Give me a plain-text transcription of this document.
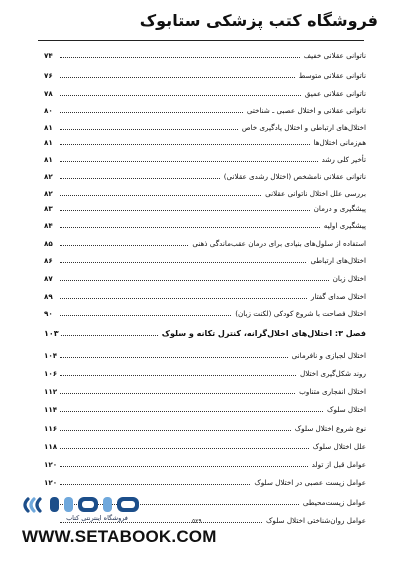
فروشگاه کتب پزشکی ستابوک
ناتوانی عقلانی خفیف
۷۴
ناتوانی عقلانی متوسط
۷۶
ناتوانی عقلانی عمیق
۷۸
ناتوانی عقلانی و اختلال عصبی ـ شناختی
۸۰
اختلال‌های ارتباطی و اختلال یادگیری خاص
۸۱
هم‌زمانی اختلال‌ها
۸۱
تأخیر کلی رشد
۸۱
ناتوانی عقلانی نامشخص (اختلال رشدی عقلانی)
۸۲
بررسی علل اختلال ناتوانی عقلانی
۸۲
پیشگیری و درمان
۸۳
پیشگیری اولیه
۸۴
استفاده از سلول‌های بنیادی برای درمان عقب‌ماندگی ذهنی
۸۵
اختلال‌های ارتباطی
۸۶
اختلال زبان
۸۷
اختلال صدای گفتار
۸۹
اختلال فصاحت با شروع کودکی (لکنت زبان)
۹۰
فصل ۳: اختلال‌های اخلال‌گرانه، کنترل تکانه و سلوک
۱۰۳
اختلال لجبازی و نافرمانی
۱۰۴
روند شکل‌گیری اختلال
۱۰۶
اختلال انفجاری متناوب
۱۱۲
اختلال سلوک
۱۱۴
نوع شروع اختلال سلوک
۱۱۶
علل اختلال سلوک
۱۱۸
عوامل قبل از تولد
۱۲۰
عوامل زیست عصبی در اختلال سلوک
۱۲۰
عوامل زیست‌محیطی
عوامل روان‌شناختی اختلال سلوک
۵۲۹
فروشگاه اینترنتی کتاب
WWW.SETABOOK.COM
